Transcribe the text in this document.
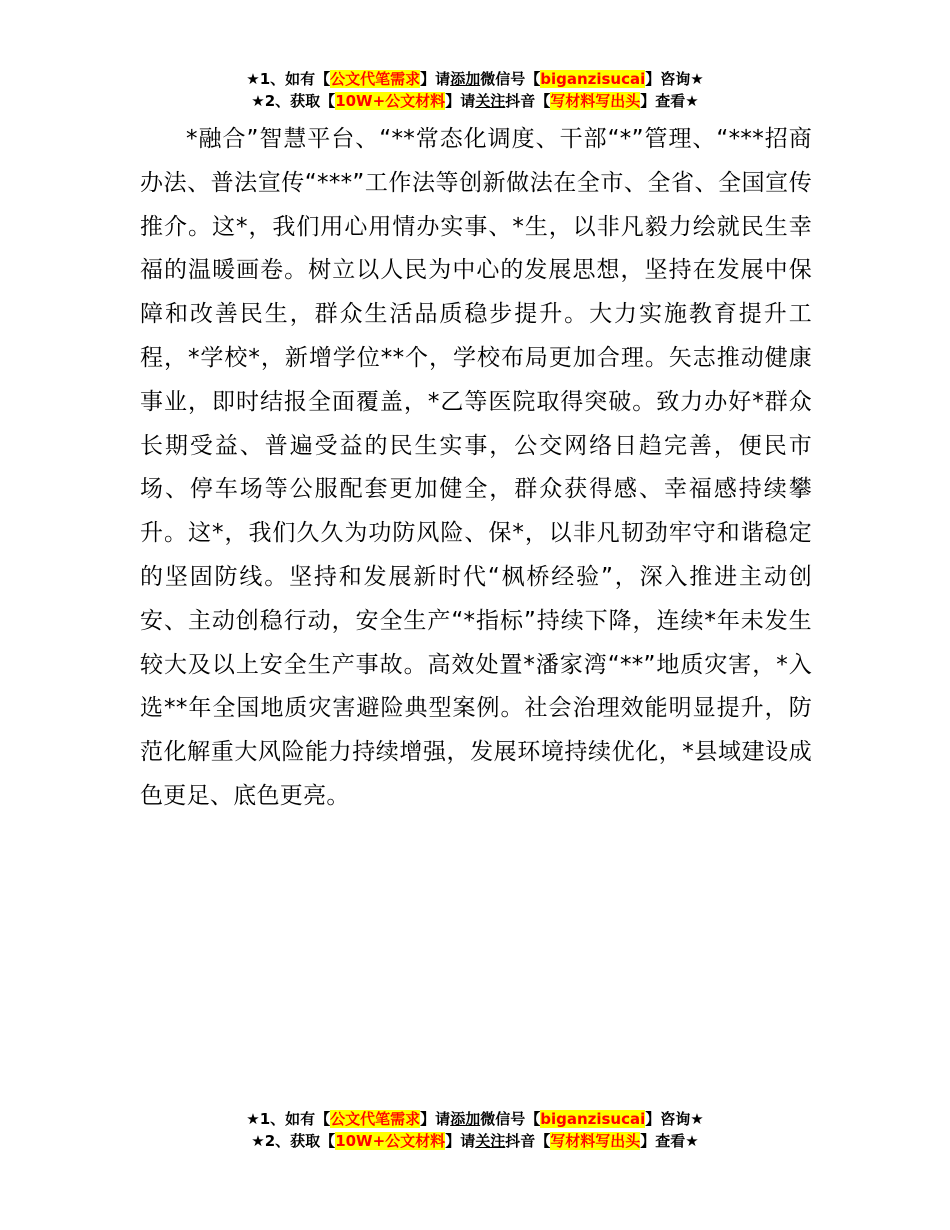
★1、如有【公文代笔需求】请添加微信号【biganzisucai】咨询★
★2、获取【10W+公文材料】请关注抖音【写材料写出头】查看★
*融合”智慧平台、“**常态化调度、干部“*”管理、“***招商办法、普法宣传“***”工作法等创新做法在全市、全省、全国宣传推介。这*，我们用心用情办实事、*生，以非凡毅力绘就民生幸福的温暖画卷。树立以人民为中心的发展思想，坚持在发展中保障和改善民生，群众生活品质稳步提升。大力实施教育提升工程，*学校*，新增学位**个，学校布局更加合理。矢志推动健康事业，即时结报全面覆盖，*乙等医院取得突破。致力办好*群众长期受益、普遍受益的民生实事，公交网络日趋完善，便民市场、停车场等公服配套更加健全，群众获得感、幸福感持续攀升。这*，我们久久为功防风险、保*，以非凡韧劲牢守和谐稳定的坚固防线。坚持和发展新时代“枫桥经验”，深入推进主动创安、主动创稳行动，安全生产“*指标”持续下降，连续*年未发生较大及以上安全生产事故。高效处置*潘家湾“**”地质灾害，*入选**年全国地质灾害避险典型案例。社会治理效能明显提升，防范化解重大风险能力持续增强，发展环境持续优化，*县域建设成色更足、底色更亮。
★1、如有【公文代笔需求】请添加微信号【biganzisucai】咨询★
★2、获取【10W+公文材料】请关注抖音【写材料写出头】查看★
